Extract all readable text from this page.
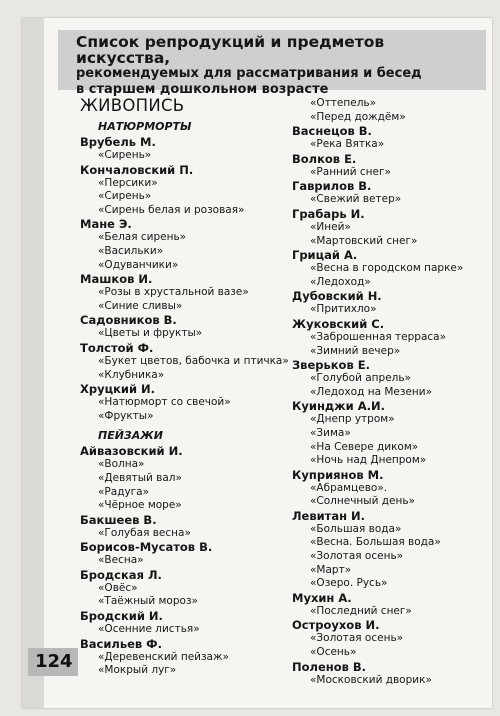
Список репродукций и предметов искусства,
рекомендуемых для рассматривания и бесед
в старшем дошкольном возрасте
ЖИВОПИСЬ
НАТЮРМОРТЫ
Врубель М.
«Сирень»
Кончаловский П.
«Персики»
«Сирень»
«Сирень белая и розовая»
Мане Э.
«Белая сирень»
«Васильки»
«Одуванчики»
Машков И.
«Розы в хрустальной вазе»
«Синие сливы»
Садовников В.
«Цветы и фрукты»
Толстой Ф.
«Букет цветов, бабочка и птичка»
«Клубника»
Хруцкий И.
«Натюрморт со свечой»
«Фрукты»
ПЕЙЗАЖИ
Айвазовский И.
«Волна»
«Девятый вал»
«Радуга»
«Чёрное море»
Бакшеев В.
«Голубая весна»
Борисов-Мусатов В.
«Весна»
Бродская Л.
«Овёс»
«Таёжный мороз»
Бродский И.
«Осенние листья»
Васильев Ф.
«Деревенский пейзаж»
«Мокрый луг»
«Оттепель»
«Перед дождём»
Васнецов В.
«Река Вятка»
Волков Е.
«Ранний снег»
Гаврилов В.
«Свежий ветер»
Грабарь И.
«Иней»
«Мартовский снег»
Грицай А.
«Весна в городском парке»
«Ледоход»
Дубовский Н.
«Притихло»
Жуковский С.
«Заброшенная терраса»
«Зимний вечер»
Зверьков Е.
«Голубой апрель»
«Ледоход на Мезени»
Куинджи А.И.
«Днепр утром»
«Зима»
«На Севере диком»
«Ночь над Днепром»
Куприянов М.
«Абрамцево».
«Солнечный день»
Левитан И.
«Большая вода»
«Весна. Большая вода»
«Золотая осень»
«Март»
«Озеро. Русь»
Мухин А.
«Последний снег»
Остроухов И.
«Золотая осень»
«Осень»
Поленов В.
«Московский дворик»
124
